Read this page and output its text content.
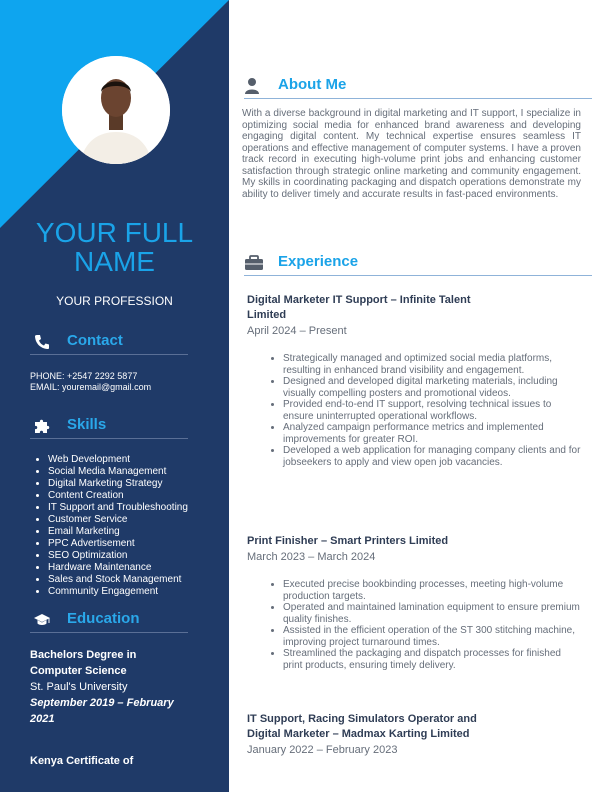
YOUR FULL
NAME
YOUR PROFESSION
Contact
PHONE: +2547 2292 5877
EMAIL: youremail@gmail.com
Skills
• Web Development
• Social Media Management
• Digital Marketing Strategy
• Content Creation
• IT Support and Troubleshooting
• Customer Service
• Email Marketing
• PPC Advertisement
• SEO Optimization
• Hardware Maintenance
• Sales and Stock Management
• Community Engagement
Education
Bachelors Degree in
Computer Science
St. Paul's University
September 2019 – February
2021
Kenya Certificate of
About Me
With a diverse background in digital marketing and IT support, I specialize in optimizing social media for enhanced brand awareness and developing engaging digital content. My technical expertise ensures seamless IT operations and effective management of computer systems. I have a proven track record in executing high-volume print jobs and enhancing customer satisfaction through strategic online marketing and community engagement. My skills in coordinating packaging and dispatch operations demonstrate my ability to deliver timely and accurate results in fast-paced environments.
Experience
Digital Marketer IT Support – Infinite Talent
Limited
April 2024 – Present
• Strategically managed and optimized social media platforms, resulting in enhanced brand visibility and engagement.
• Designed and developed digital marketing materials, including visually compelling posters and promotional videos.
• Provided end-to-end IT support, resolving technical issues to ensure uninterrupted operational workflows.
• Analyzed campaign performance metrics and implemented improvements for greater ROI.
• Developed a web application for managing company clients and for jobseekers to apply and view open job vacancies.
Print Finisher – Smart Printers Limited
March 2023 – March 2024
• Executed precise bookbinding processes, meeting high-volume production targets.
• Operated and maintained lamination equipment to ensure premium quality finishes.
• Assisted in the efficient operation of the ST 300 stitching machine, improving project turnaround times.
• Streamlined the packaging and dispatch processes for finished print products, ensuring timely delivery.
IT Support, Racing Simulators Operator and
Digital Marketer – Madmax Karting Limited
January 2022 – February 2023
